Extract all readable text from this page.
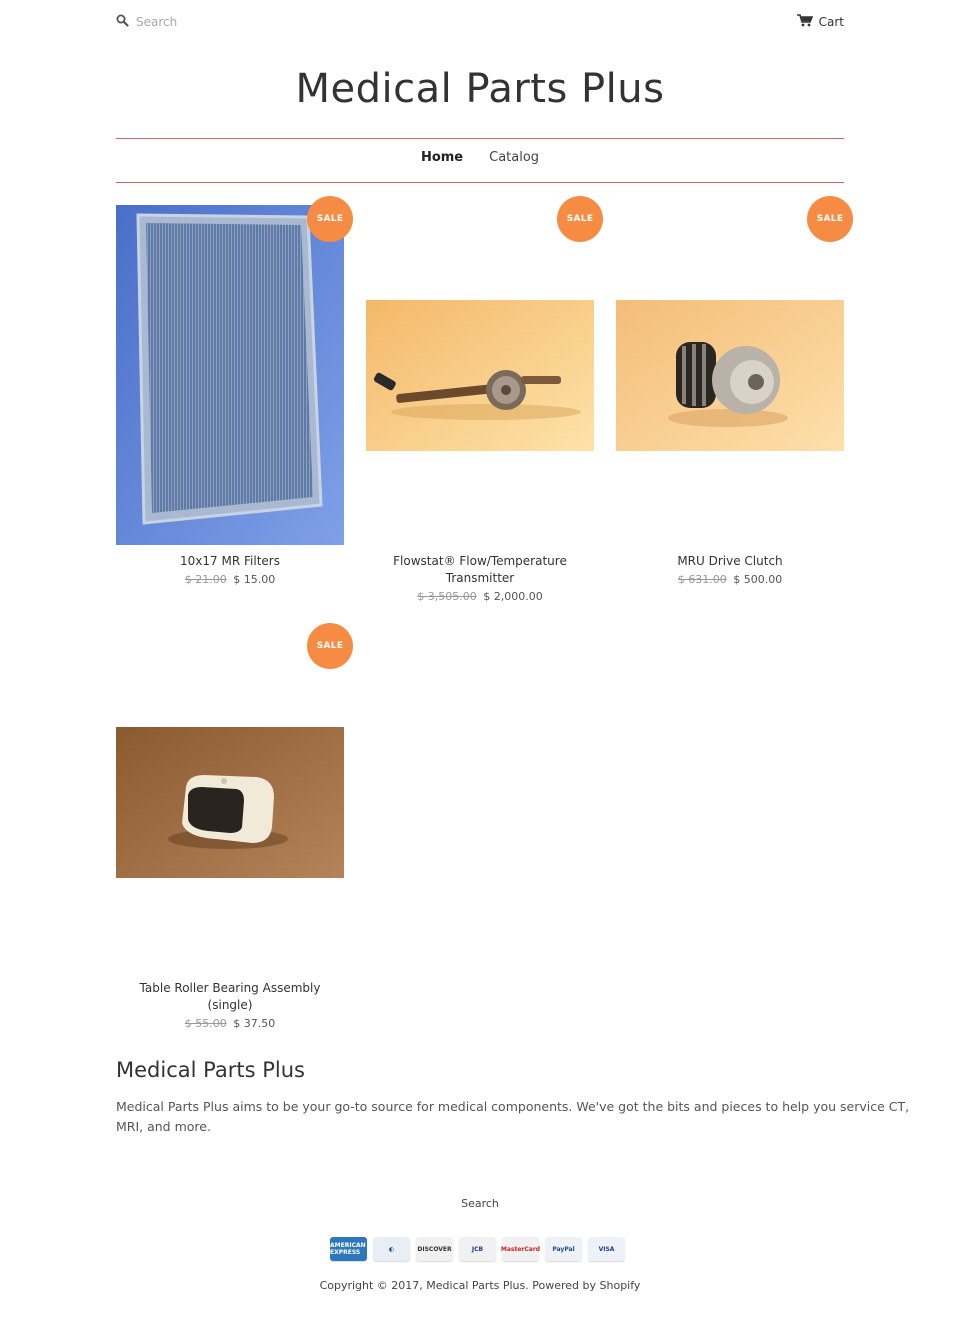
Search
Cart
Medical Parts Plus
Home Catalog
SALE
10x17 MR Filters
$ 21.00 $ 15.00
SALE
Flowstat® Flow/Temperature Transmitter
$ 3,505.00 $ 2,000.00
SALE
MRU Drive Clutch
$ 631.00 $ 500.00
SALE
Table Roller Bearing Assembly (single)
$ 55.00 $ 37.50
Medical Parts Plus

Medical Parts Plus aims to be your go-to source for medical components. We've got the bits and pieces to help you service CT, MRI, and more.

Search
AMERICAN EXPRESS	◐	DISCOVER	JCB	MasterCard	PayPal	VISA
Copyright © 2017, Medical Parts Plus. Powered by Shopify
